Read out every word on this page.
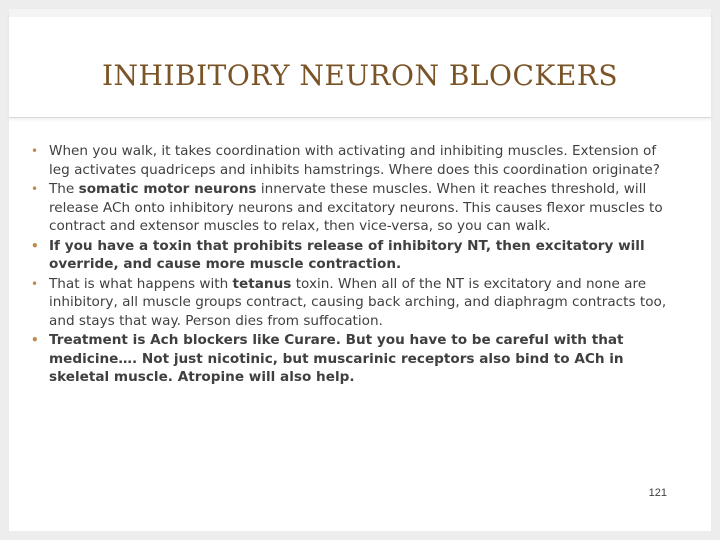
INHIBITORY NEURON BLOCKERS
• When you walk, it takes coordination with activating and inhibiting muscles. Extension of leg activates quadriceps and inhibits hamstrings. Where does this coordination originate?
• The somatic motor neurons innervate these muscles. When it reaches threshold, will release ACh onto inhibitory neurons and excitatory neurons. This causes flexor muscles to contract and extensor muscles to relax, then vice-versa, so you can walk.
• If you have a toxin that prohibits release of inhibitory NT, then excitatory will override, and cause more muscle contraction.
• That is what happens with tetanus toxin. When all of the NT is excitatory and none are inhibitory, all muscle groups contract, causing back arching, and diaphragm contracts too, and stays that way. Person dies from suffocation.
• Treatment is Ach blockers like Curare. But you have to be careful with that medicine…. Not just nicotinic, but muscarinic receptors also bind to ACh in skeletal muscle. Atropine will also help.
121
